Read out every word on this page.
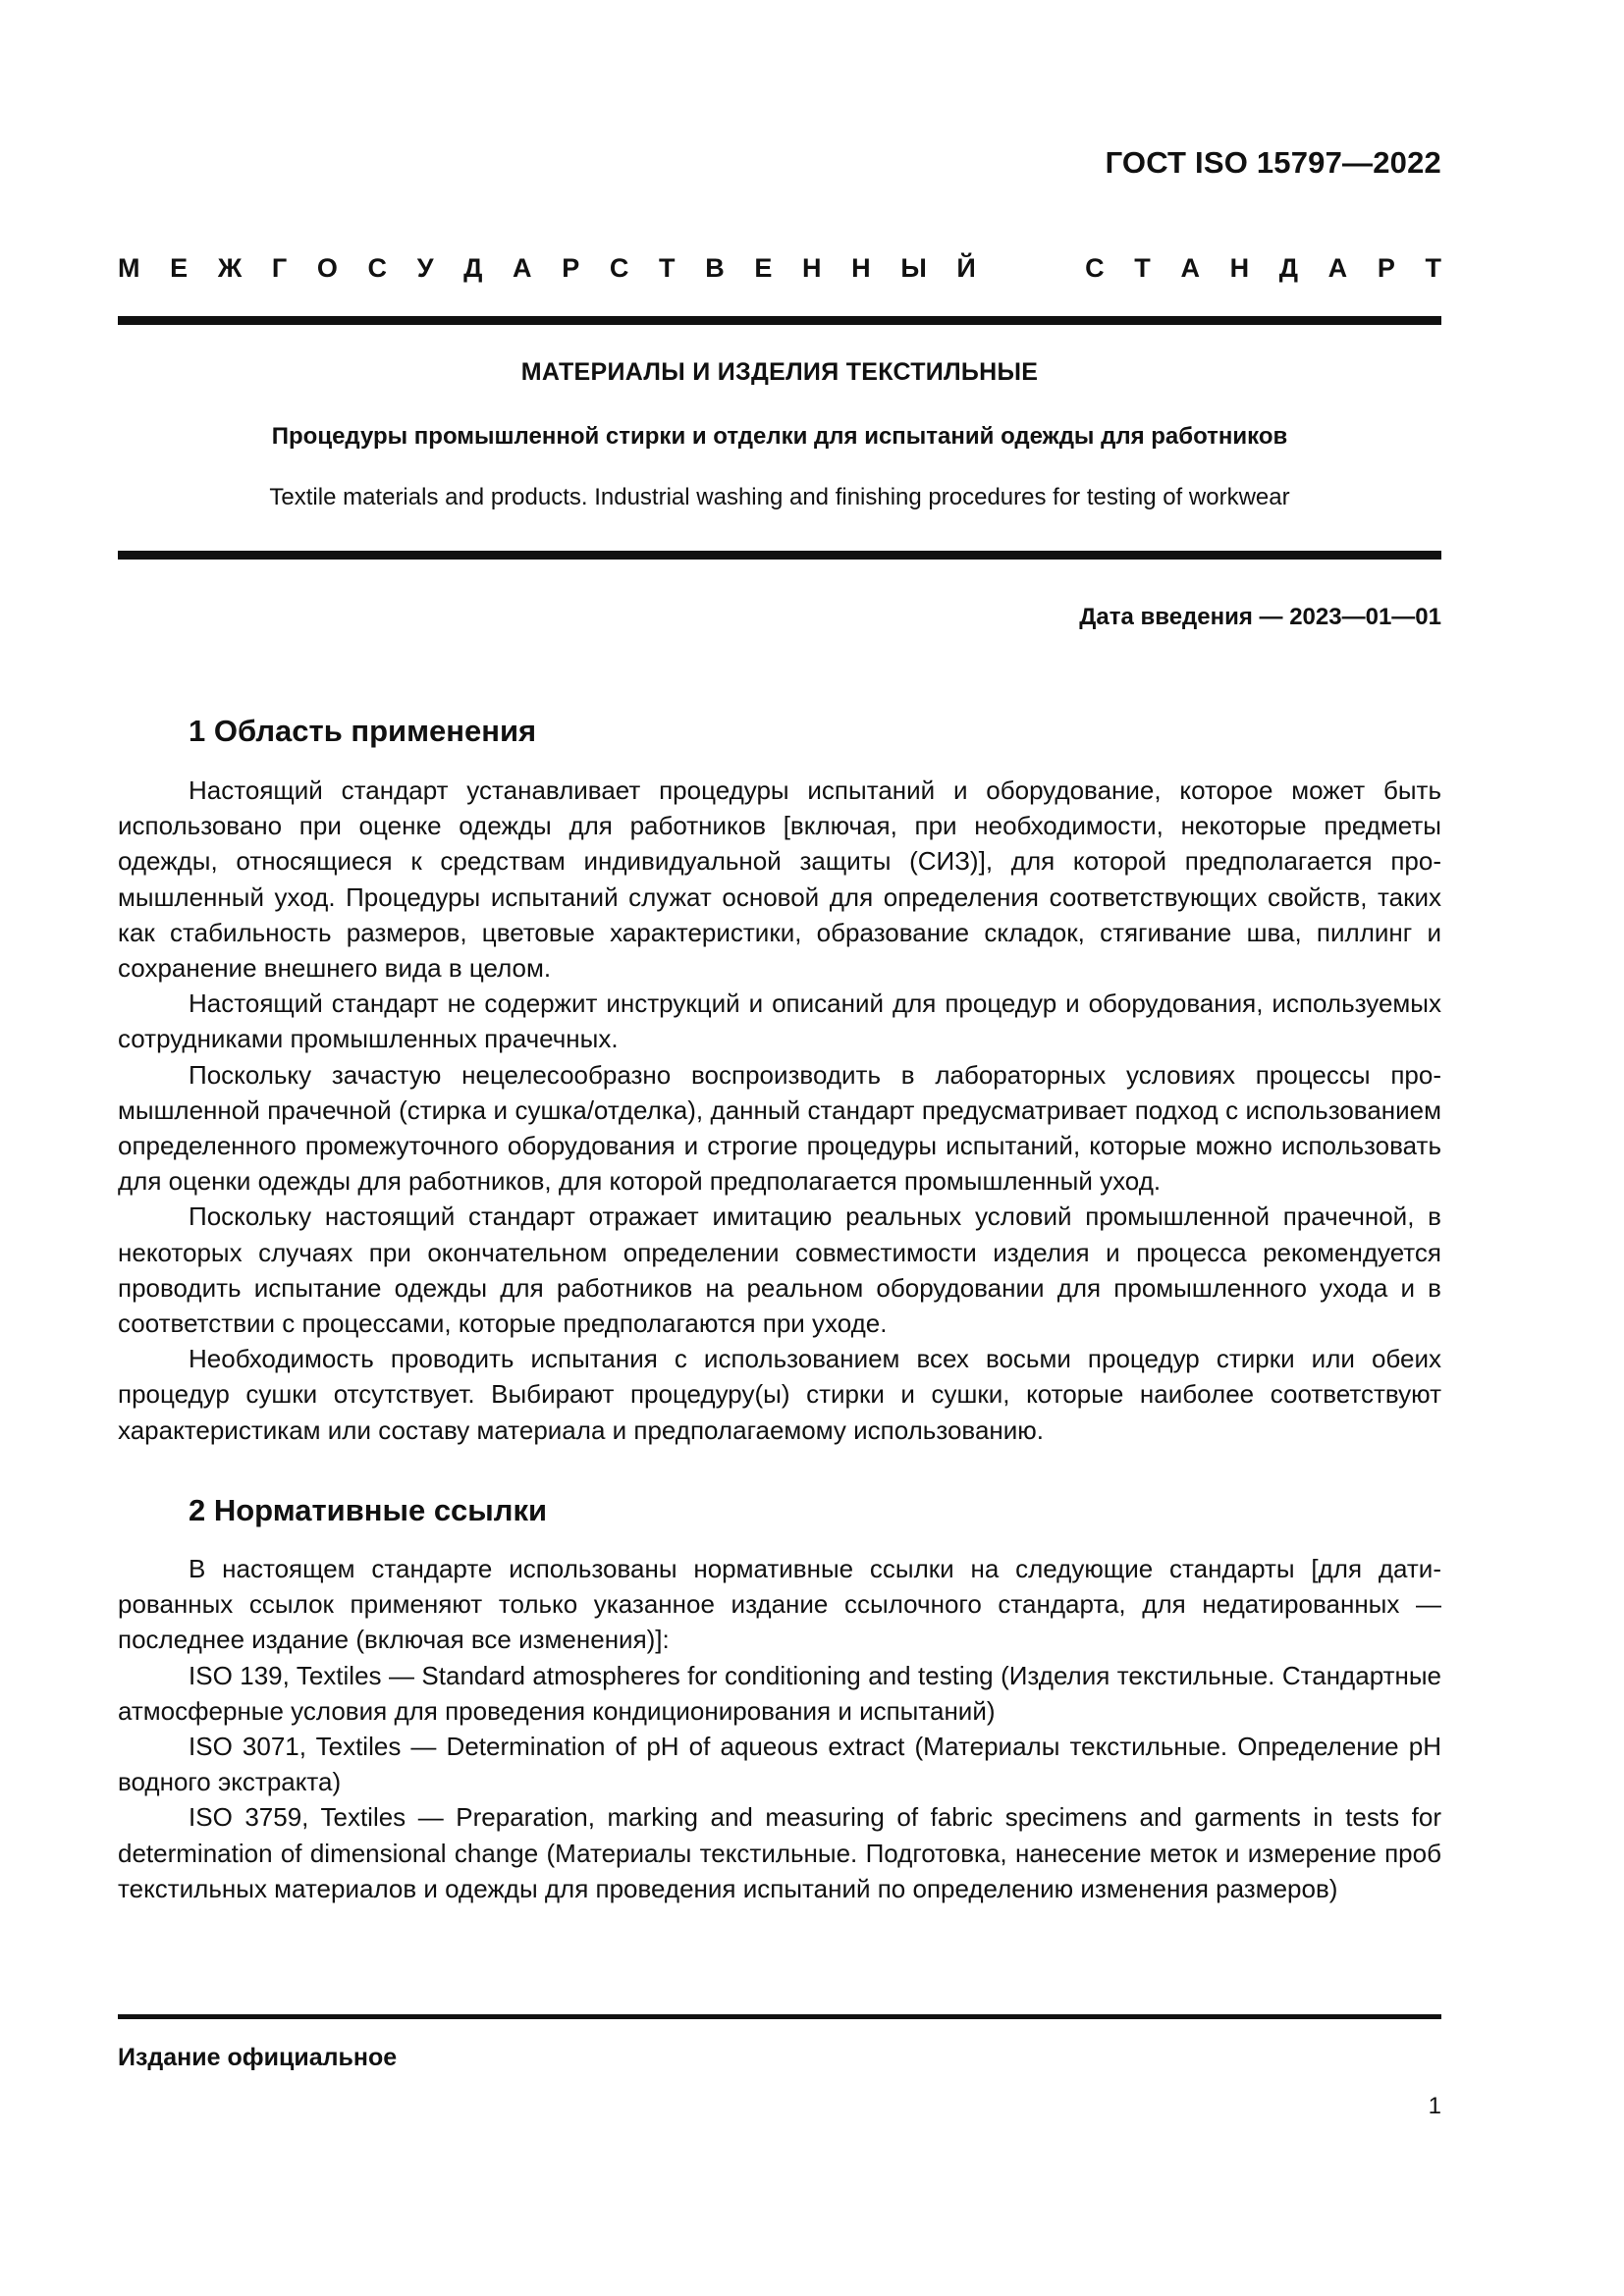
ГОСТ ISO 15797—2022
М Е Ж Г О С У Д А Р С Т В Е Н Н Ы Й	С Т А Н Д А Р Т
МАТЕРИАЛЫ И ИЗДЕЛИЯ ТЕКСТИЛЬНЫЕ
Процедуры промышленной стирки и отделки для испытаний одежды для работников
Textile materials and products. Industrial washing and finishing procedures for testing of workwear
Дата введения — 2023—01—01
1 Область применения

Настоящий стандарт устанавливает процедуры испытаний и оборудование, которое может быть использовано при оценке одежды для работников [включая, при необходимости, некоторые предметы одежды, относящиеся к средствам индивидуальной защиты (СИЗ)], для которой предполагается промышленный уход. Процедуры испытаний служат основой для определения соответствующих свойств, таких как стабильность размеров, цветовые характеристики, образование складок, стягивание шва, пиллинг и сохранение внешнего вида в целом.

Настоящий стандарт не содержит инструкций и описаний для процедур и оборудования, используемых сотрудниками промышленных прачечных.

Поскольку зачастую нецелесообразно воспроизводить в лабораторных условиях процессы промышленной прачечной (стирка и сушка/отделка), данный стандарт предусматривает подход с использованием определенного промежуточного оборудования и строгие процедуры испытаний, которые можно использовать для оценки одежды для работников, для которой предполагается промышленный уход.

Поскольку настоящий стандарт отражает имитацию реальных условий промышленной прачечной, в некоторых случаях при окончательном определении совместимости изделия и процесса рекомендуется проводить испытание одежды для работников на реальном оборудовании для промышленного ухода и в соответствии с процессами, которые предполагаются при уходе.

Необходимость проводить испытания с использованием всех восьми процедур стирки или обеих процедур сушки отсутствует. Выбирают процедуру(ы) стирки и сушки, которые наиболее соответствуют характеристикам или составу материала и предполагаемому использованию.

2 Нормативные ссылки

В настоящем стандарте использованы нормативные ссылки на следующие стандарты [для датированных ссылок применяют только указанное издание ссылочного стандарта, для недатированных — последнее издание (включая все изменения)]:

ISO 139, Textiles — Standard atmospheres for conditioning and testing (Изделия текстильные. Стандартные атмосферные условия для проведения кондиционирования и испытаний)

ISO 3071, Textiles — Determination of pH of aqueous extract (Материалы текстильные. Определение pH водного экстракта)

ISO 3759, Textiles — Preparation, marking and measuring of fabric specimens and garments in tests for determination of dimensional change (Материалы текстильные. Подготовка, нанесение меток и измерение проб текстильных материалов и одежды для проведения испытаний по определению изменения размеров)

Издание официальное
1
